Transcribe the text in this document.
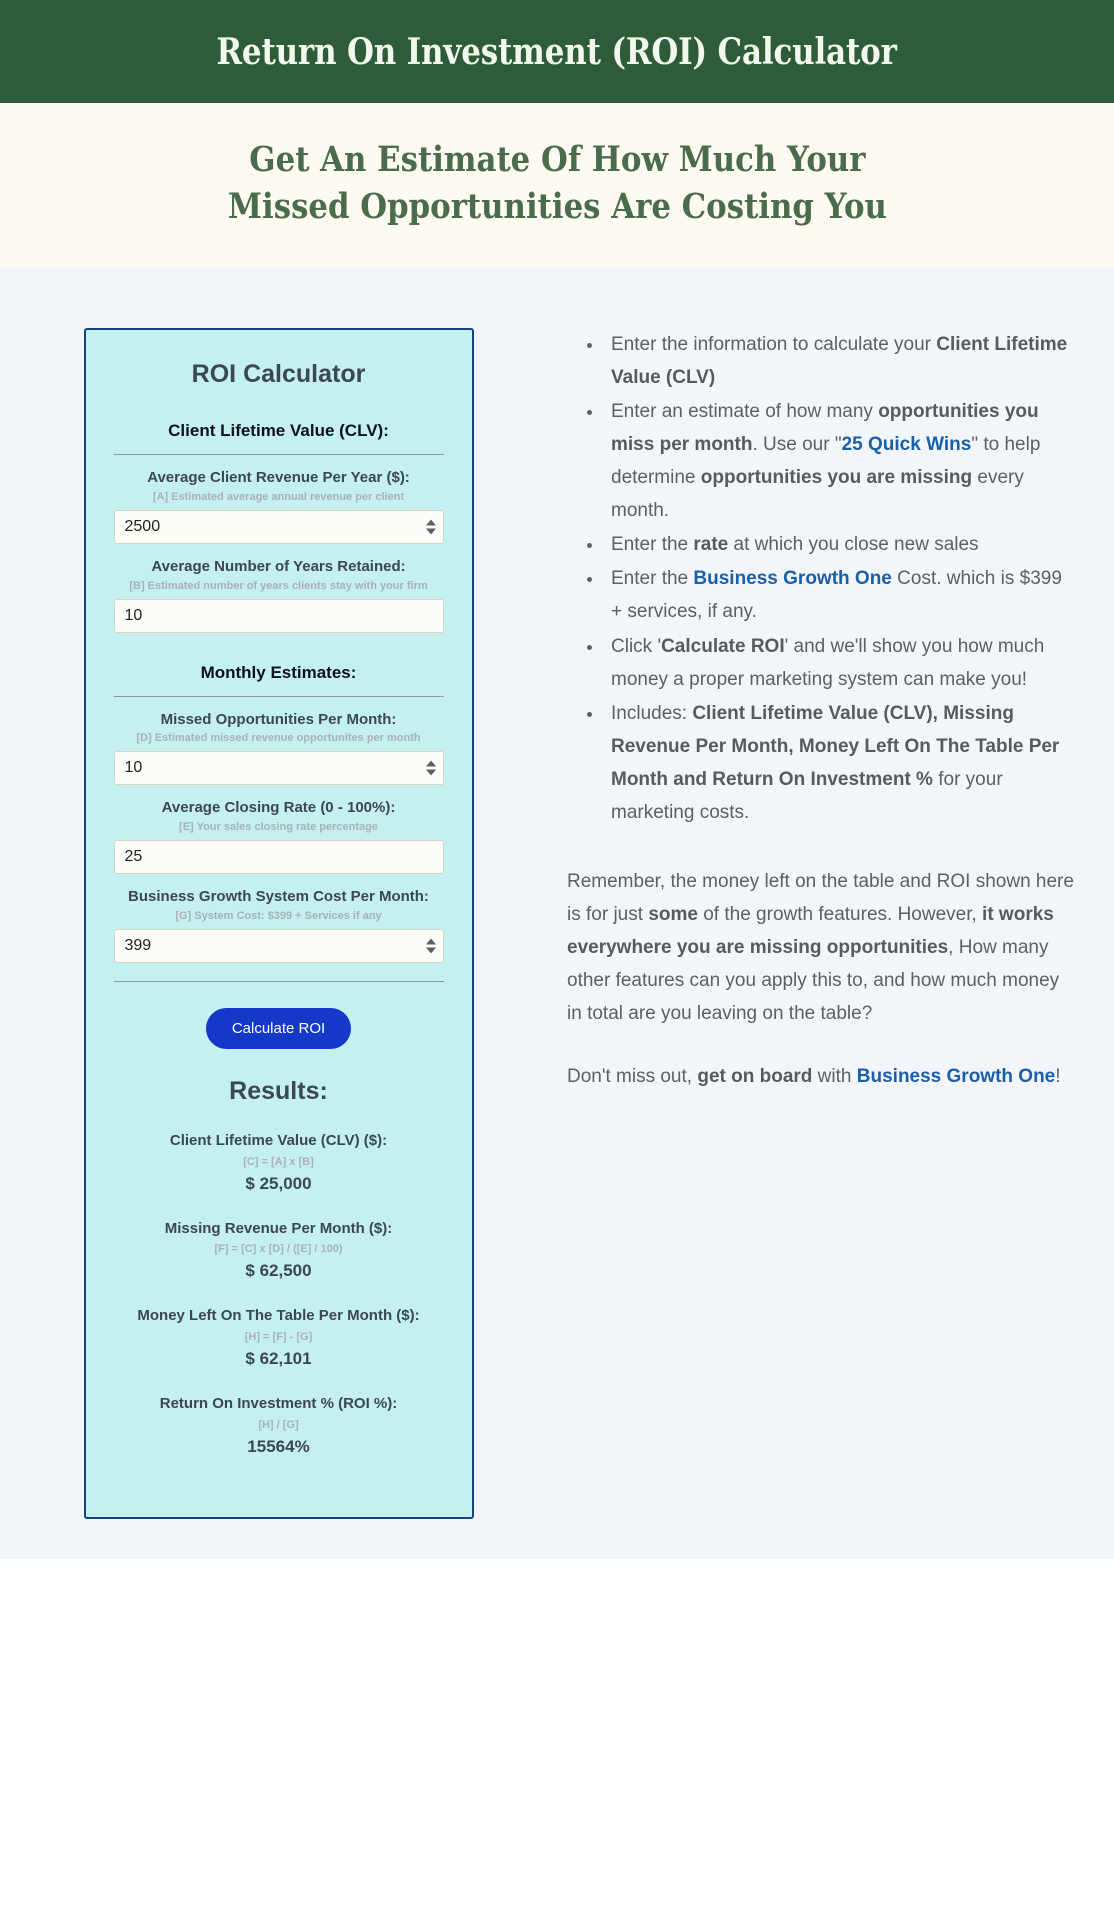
Return On Investment (ROI) Calculator
Get An Estimate Of How Much Your
Missed Opportunities Are Costing You
ROI Calculator
Client Lifetime Value (CLV):
Average Client Revenue Per Year ($):
[A] Estimated average annual revenue per client
2500
Average Number of Years Retained:
[B] Estimated number of years clients stay with your firm
10
Monthly Estimates:
Missed Opportunities Per Month:
[D] Estimated missed revenue opportunites per month
10
Average Closing Rate (0 - 100%):
[E] Your sales closing rate percentage
25
Business Growth System Cost Per Month:
[G] System Cost: $399 + Services if any
399
Calculate ROI
Results:
Client Lifetime Value (CLV) ($):
[C] = [A] x [B]
$ 25,000
Missing Revenue Per Month ($):
[F] = [C] x [D] / ([E] / 100)
$ 62,500
Money Left On The Table Per Month ($):
[H] = [F] - [G]
$ 62,101
Return On Investment % (ROI %):
[H] / [G]
15564%
Enter the information to calculate your Client Lifetime Value (CLV)
Enter an estimate of how many opportunities you miss per month. Use our "25 Quick Wins" to help determine opportunities you are missing every month.
Enter the rate at which you close new sales
Enter the Business Growth One Cost. which is $399 + services, if any.
Click 'Calculate ROI' and we'll show you how much money a proper marketing system can make you!
Includes: Client Lifetime Value (CLV), Missing Revenue Per Month, Money Left On The Table Per Month and Return On Investment % for your marketing costs.

Remember, the money left on the table and ROI shown here is for just some of the growth features. However, it works everywhere you are missing opportunities, How many other features can you apply this to, and how much money in total are you leaving on the table?

Don't miss out, get on board with Business Growth One!
